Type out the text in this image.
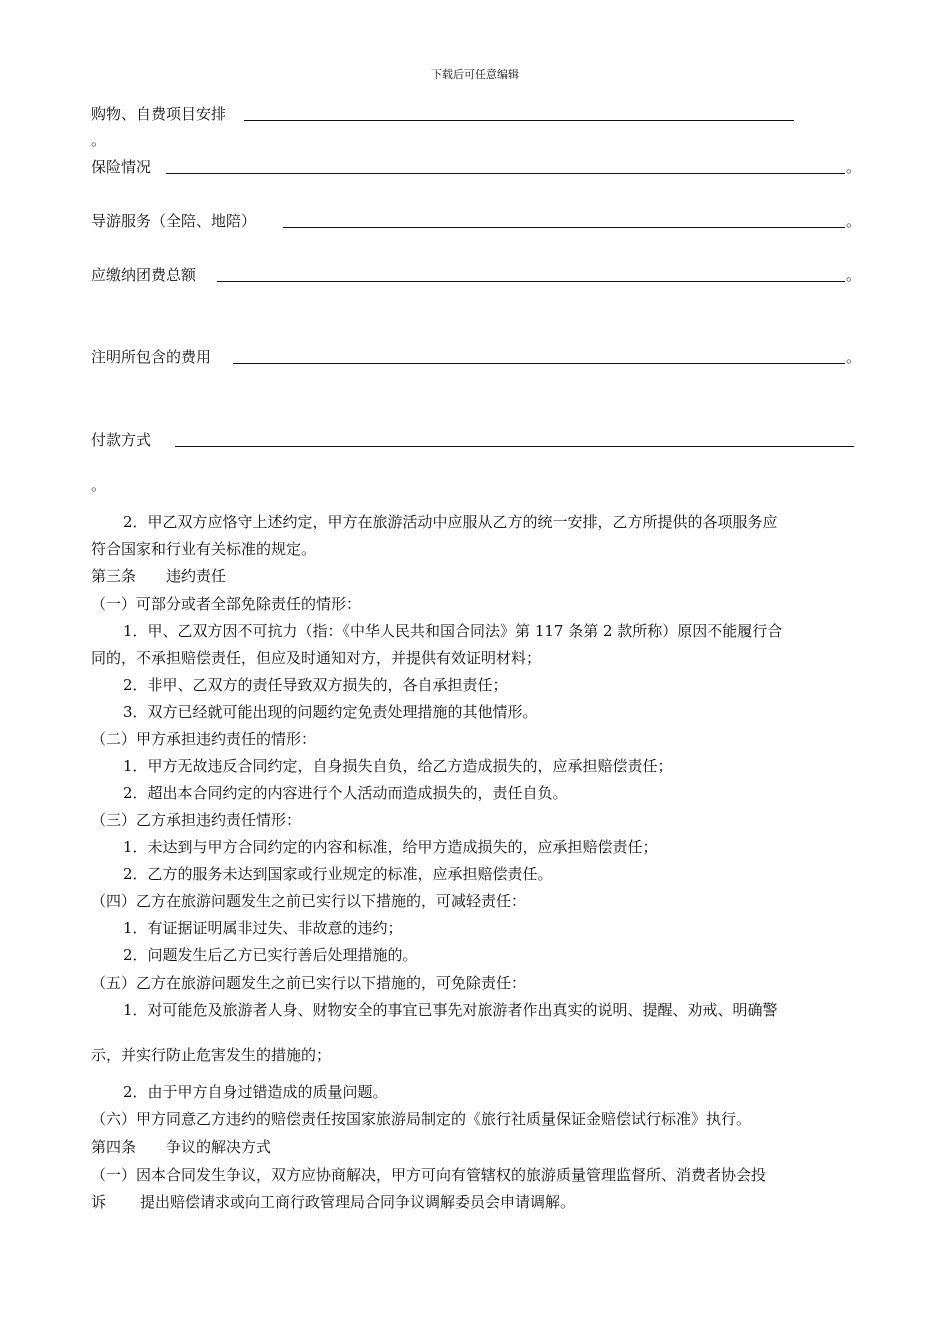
下载后可任意编辑
购物、自费项目安排
。
保险情况	。
导游服务（全陪、地陪）	。
应缴纳团费总额	。
注明所包含的费用	。
付款方式
。
2．甲乙双方应恪守上述约定，甲方在旅游活动中应服从乙方的统一安排，乙方所提供的各项服务应
符合国家和行业有关标准的规定。
第三条　　违约责任
（一）可部分或者全部免除责任的情形：
1．甲、乙双方因不可抗力（指：《中华人民共和国合同法》第 117 条第 2 款所称）原因不能履行合
同的，不承担赔偿责任，但应及时通知对方，并提供有效证明材料；
2．非甲、乙双方的责任导致双方损失的，各自承担责任；
3．双方已经就可能出现的问题约定免责处理措施的其他情形。
（二）甲方承担违约责任的情形：
1．甲方无故违反合同约定，自身损失自负，给乙方造成损失的，应承担赔偿责任；
2．超出本合同约定的内容进行个人活动而造成损失的，责任自负。
（三）乙方承担违约责任情形：
1．未达到与甲方合同约定的内容和标准，给甲方造成损失的，应承担赔偿责任；
2．乙方的服务未达到国家或行业规定的标准，应承担赔偿责任。
（四）乙方在旅游问题发生之前已实行以下措施的，可减轻责任：
1．有证据证明属非过失、非故意的违约；
2．问题发生后乙方已实行善后处理措施的。
（五）乙方在旅游问题发生之前已实行以下措施的，可免除责任：
1．对可能危及旅游者人身、财物安全的事宜已事先对旅游者作出真实的说明、提醒、劝戒、明确警
示，并实行防止危害发生的措施的；
2．由于甲方自身过错造成的质量问题。
（六）甲方同意乙方违约的赔偿责任按国家旅游局制定的《旅行社质量保证金赔偿试行标准》执行。
第四条　　争议的解决方式
（一）因本合同发生争议，双方应协商解决，甲方可向有管辖权的旅游质量管理监督所、消费者协会投
诉 提出赔偿请求或向工商行政管理局合同争议调解委员会申请调解。
